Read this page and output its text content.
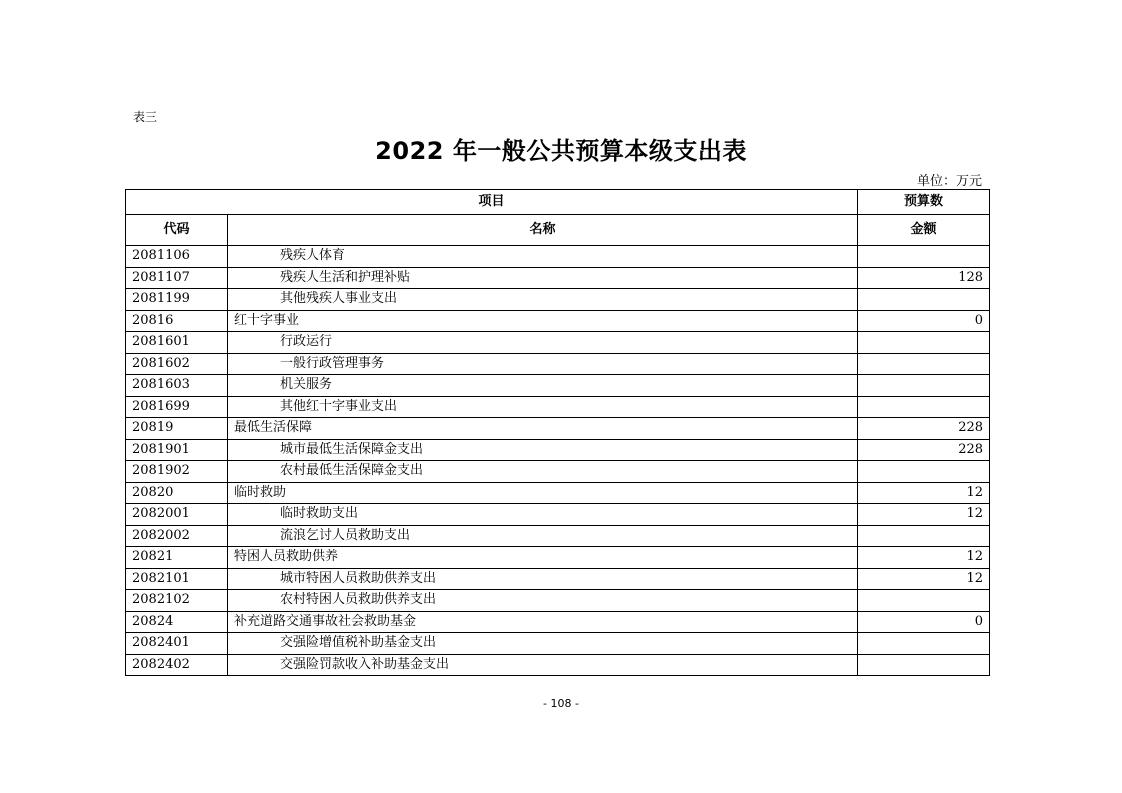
表三
2022 年一般公共预算本级支出表
单位：万元
项目		预算数
代码	名称	金额
2081106	残疾人体育	
2081107	残疾人生活和护理补贴	128
2081199	其他残疾人事业支出	
20816	红十字事业	0
2081601	行政运行	
2081602	一般行政管理事务	
2081603	机关服务	
2081699	其他红十字事业支出	
20819	最低生活保障	228
2081901	城市最低生活保障金支出	228
2081902	农村最低生活保障金支出	
20820	临时救助	12
2082001	临时救助支出	12
2082002	流浪乞讨人员救助支出	
20821	特困人员救助供养	12
2082101	城市特困人员救助供养支出	12
2082102	农村特困人员救助供养支出	
20824	补充道路交通事故社会救助基金	0
2082401	交强险增值税补助基金支出	
2082402	交强险罚款收入补助基金支出	
- 108 -
